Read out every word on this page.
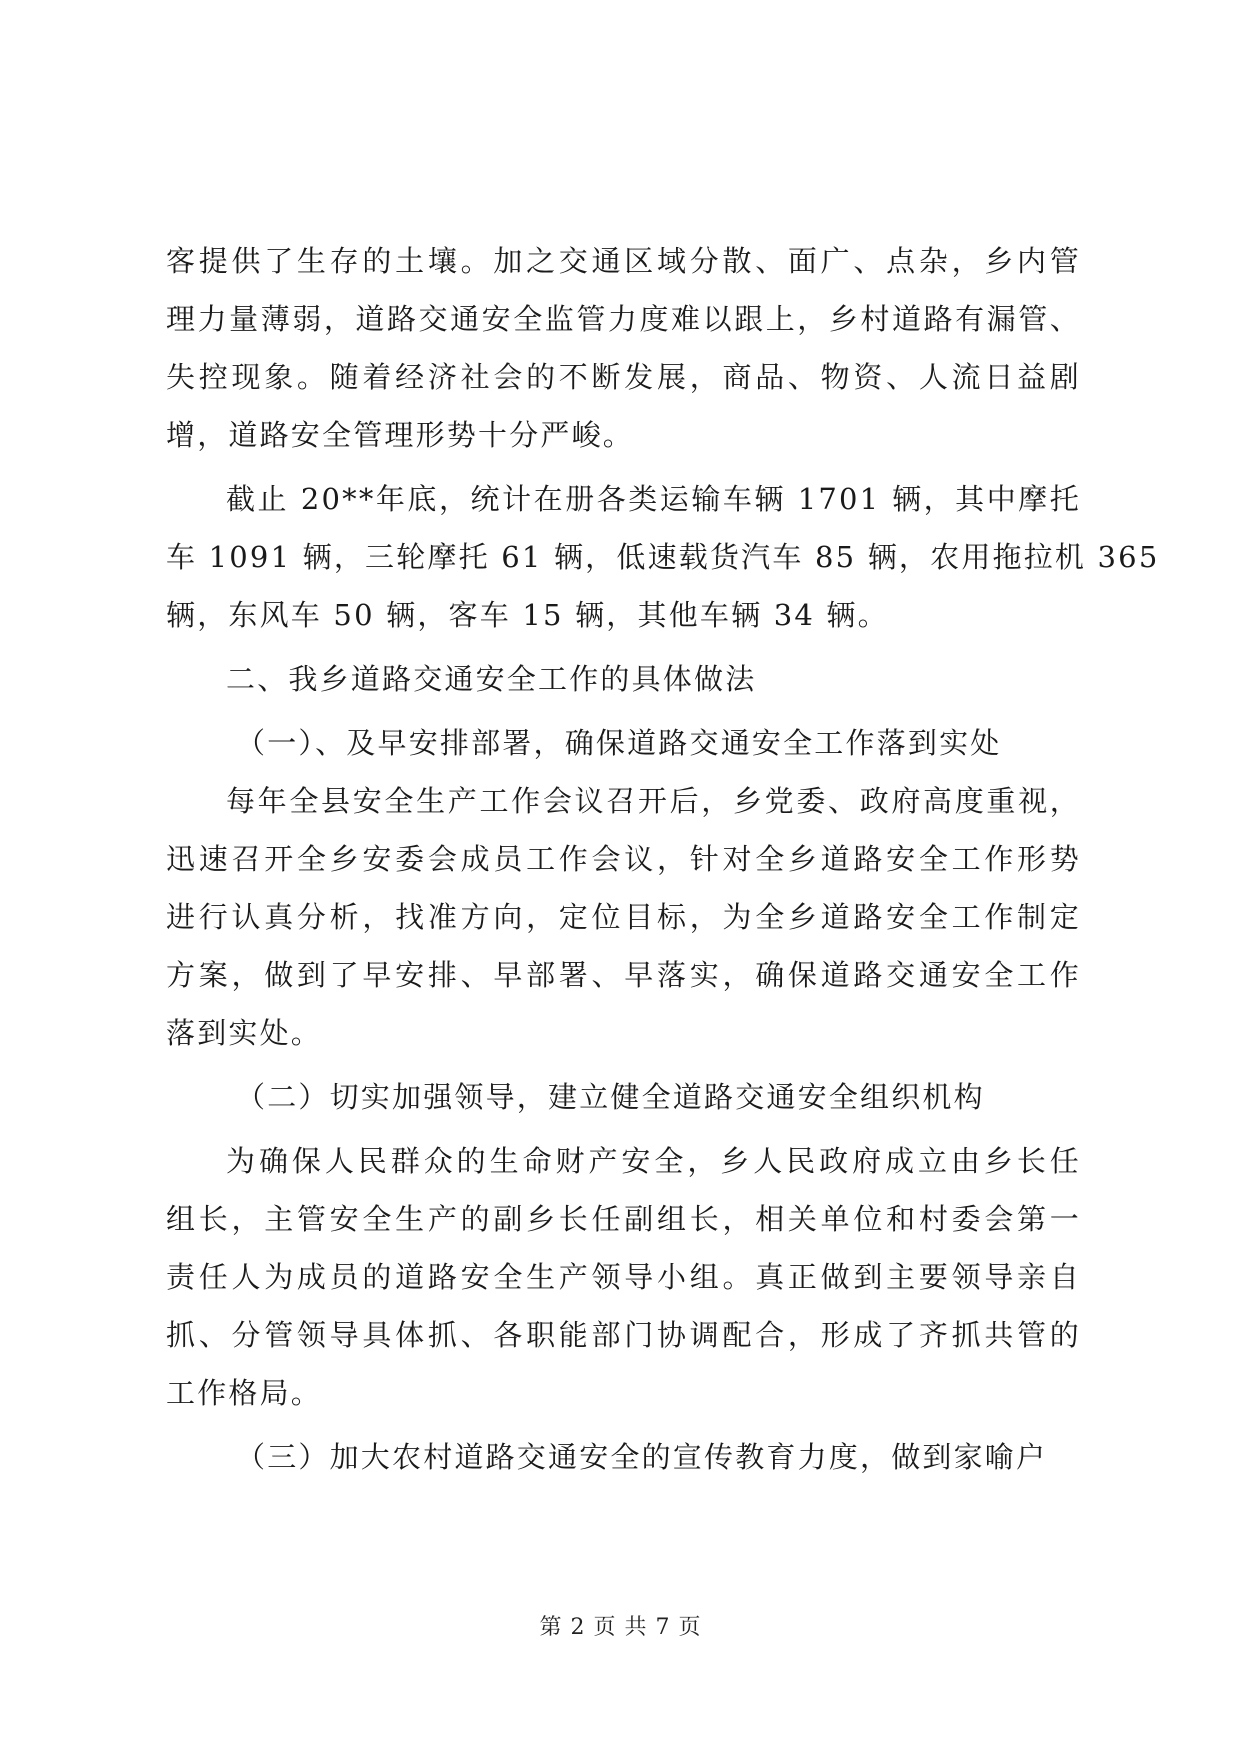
客提供了生存的土壤。加之交通区域分散、面广、点杂，乡内管
理力量薄弱，道路交通安全监管力度难以跟上，乡村道路有漏管、
失控现象。随着经济社会的不断发展，商品、物资、人流日益剧
增，道路安全管理形势十分严峻。
截止 20**年底，统计在册各类运输车辆 1701 辆，其中摩托
车 1091 辆，三轮摩托 61 辆，低速载货汽车 85 辆，农用拖拉机 365
辆，东风车 50 辆，客车 15 辆，其他车辆 34 辆。
二、我乡道路交通安全工作的具体做法
（一）、及早安排部署，确保道路交通安全工作落到实处
每年全县安全生产工作会议召开后，乡党委、政府高度重视，
迅速召开全乡安委会成员工作会议，针对全乡道路安全工作形势
进行认真分析，找准方向，定位目标，为全乡道路安全工作制定
方案，做到了早安排、早部署、早落实，确保道路交通安全工作
落到实处。
（二）切实加强领导，建立健全道路交通安全组织机构
为确保人民群众的生命财产安全，乡人民政府成立由乡长任
组长，主管安全生产的副乡长任副组长，相关单位和村委会第一
责任人为成员的道路安全生产领导小组。真正做到主要领导亲自
抓、分管领导具体抓、各职能部门协调配合，形成了齐抓共管的
工作格局。
（三）加大农村道路交通安全的宣传教育力度，做到家喻户
第 2 页 共 7 页
